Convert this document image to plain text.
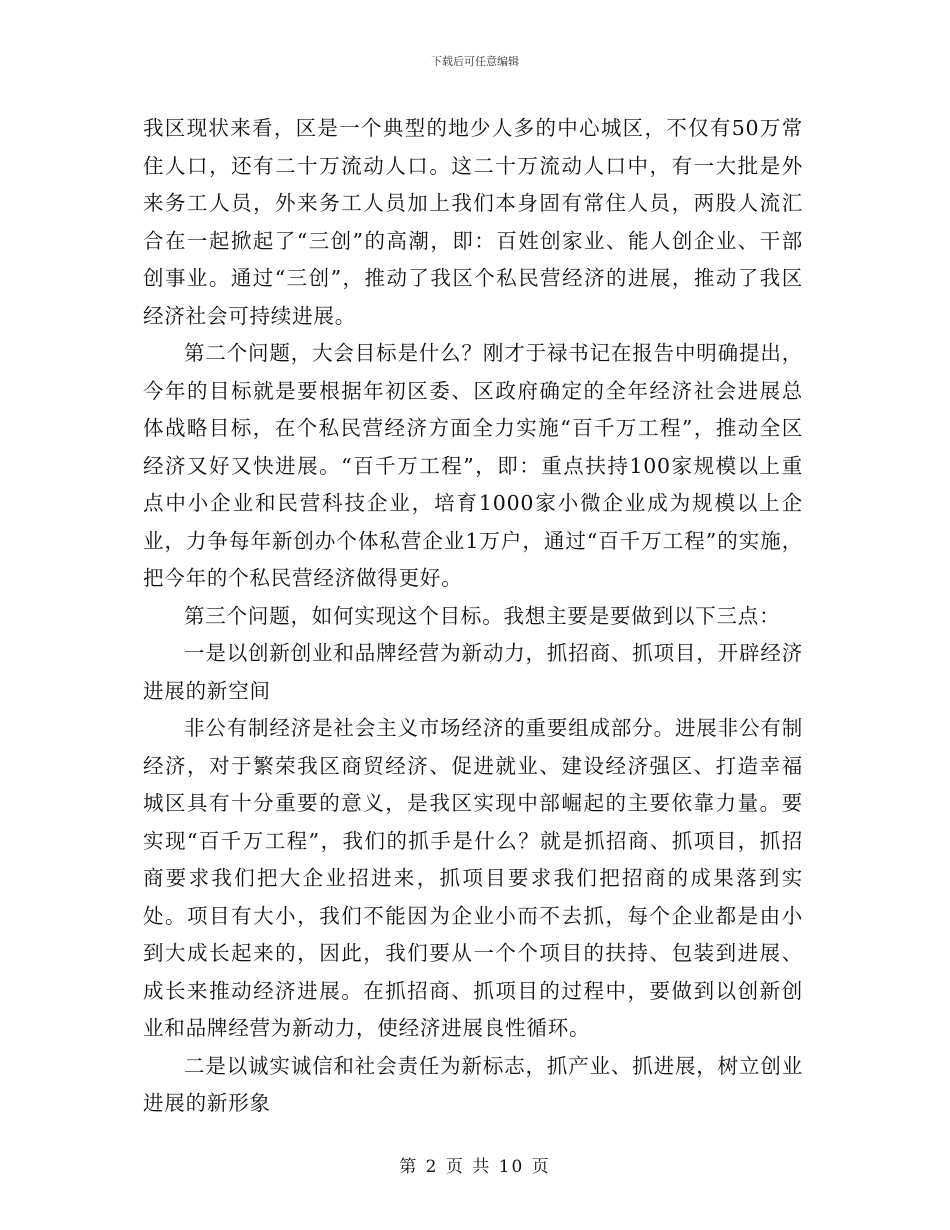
下载后可任意编辑

我区现状来看，区是一个典型的地少人多的中心城区，不仅有50万常住人口，还有二十万流动人口。这二十万流动人口中，有一大批是外来务工人员，外来务工人员加上我们本身固有常住人员，两股人流汇合在一起掀起了“三创”的高潮，即：百姓创家业、能人创企业、干部创事业。通过“三创”，推动了我区个私民营经济的进展，推动了我区经济社会可持续进展。

第二个问题，大会目标是什么？刚才于禄书记在报告中明确提出，今年的目标就是要根据年初区委、区政府确定的全年经济社会进展总体战略目标，在个私民营经济方面全力实施“百千万工程”，推动全区经济又好又快进展。“百千万工程”，即：重点扶持100家规模以上重点中小企业和民营科技企业，培育1000家小微企业成为规模以上企业，力争每年新创办个体私营企业1万户，通过“百千万工程”的实施，把今年的个私民营经济做得更好。

第三个问题，如何实现这个目标。我想主要是要做到以下三点：

一是以创新创业和品牌经营为新动力，抓招商、抓项目，开辟经济进展的新空间

非公有制经济是社会主义市场经济的重要组成部分。进展非公有制经济，对于繁荣我区商贸经济、促进就业、建设经济强区、打造幸福城区具有十分重要的意义，是我区实现中部崛起的主要依靠力量。要实现“百千万工程”，我们的抓手是什么？就是抓招商、抓项目，抓招商要求我们把大企业招进来，抓项目要求我们把招商的成果落到实处。项目有大小，我们不能因为企业小而不去抓，每个企业都是由小到大成长起来的，因此，我们要从一个个项目的扶持、包装到进展、成长来推动经济进展。在抓招商、抓项目的过程中，要做到以创新创业和品牌经营为新动力，使经济进展良性循环。

二是以诚实诚信和社会责任为新标志，抓产业、抓进展，树立创业进展的新形象

第 2 页 共 10 页
